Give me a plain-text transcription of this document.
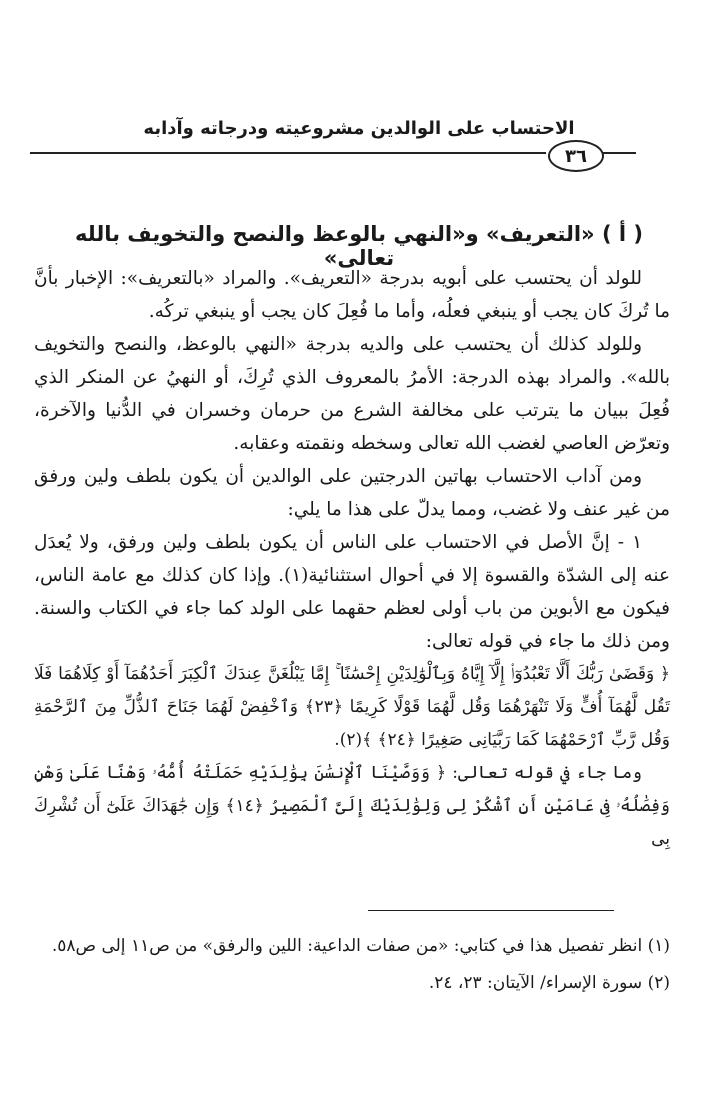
الاحتساب على الوالدين مشروعيته ودرجاته وآدابه
٣٦
( أ ) «التعريف» و«النهي بالوعظ والنصح والتخويف بالله تعالى»

للولد أن يحتسب على أبويه بدرجة «التعريف». والمراد «بالتعريف»: الإخبار بأنَّ ما تُركَ كان يجب أو ينبغي فعلُه، وأما ما فُعِلَ كان يجب أو ينبغي تركُه.

وللولد كذلك أن يحتسب على والديه بدرجة «النهي بالوعظ، والنصح والتخويف بالله». والمراد بهذه الدرجة: الأمرُ بالمعروف الذي تُرِكَ، أو النهيُ عن المنكر الذي فُعِلَ ببيان ما يترتب على مخالفة الشرع من حرمان وخسران في الدُّنيا والآخرة، وتعرّض العاصي لغضب الله تعالى وسخطه ونقمته وعقابه.

ومن آداب الاحتساب بهاتين الدرجتين على الوالدين أن يكون بلطف ولين ورفق من غير عنف ولا غضب، ومما يدلّ على هذا ما يلي:

١ - إنَّ الأصل في الاحتساب على الناس أن يكون بلطف ولين ورفق، ولا يُعدَل عنه إلى الشدّة والقسوة إلا في أحوال استثنائية(١). وإذا كان كذلك مع عامة الناس، فيكون مع الأبوين من باب أولى لعظم حقهما على الولد كما جاء في الكتاب والسنة. ومن ذلك ما جاء في قوله تعالى:

﴿ وَقَضَىٰ رَبُّكَ أَلَّا تَعْبُدُوٓا۟ إِلَّآ إِيَّاهُ وَبِٱلْوَٰلِدَيْنِ إِحْسَٰنًا ۚ إِمَّا يَبْلُغَنَّ عِندَكَ ٱلْكِبَرَ أَحَدُهُمَآ أَوْ كِلَاهُمَا فَلَا تَقُل لَّهُمَآ أُفٍّ وَلَا تَنْهَرْهُمَا وَقُل لَّهُمَا قَوْلًا كَرِيمًا ﴿٢٣﴾ وَٱخْفِضْ لَهُمَا جَنَاحَ ٱلذُّلِّ مِنَ ٱلرَّحْمَةِ وَقُل رَّبِّ ٱرْحَمْهُمَا كَمَا رَبَّيَانِى صَغِيرًا ﴿٢٤﴾ ﴾(٢).

وما جاء في قوله تعالى: ﴿ وَوَصَّيْنَا ٱلْإِنسَٰنَ بِوَٰلِدَيْهِ حَمَلَتْهُ أُمُّهُۥ وَهْنًا عَلَىٰ وَهْنٍ وَفِصَٰلُهُۥ فِى عَامَيْنِ أَنِ ٱشْكُرْ لِى وَلِوَٰلِدَيْكَ إِلَىَّ ٱلْمَصِيرُ ﴿١٤﴾ وَإِن جَٰهَدَاكَ عَلَىٰٓ أَن تُشْرِكَ بِى

(١) انظر تفصيل هذا في كتابي: «من صفات الداعية: اللين والرفق» من ص١١ إلى ص٥٨.

(٢) سورة الإسراء/ الآيتان: ٢٣، ٢٤.
